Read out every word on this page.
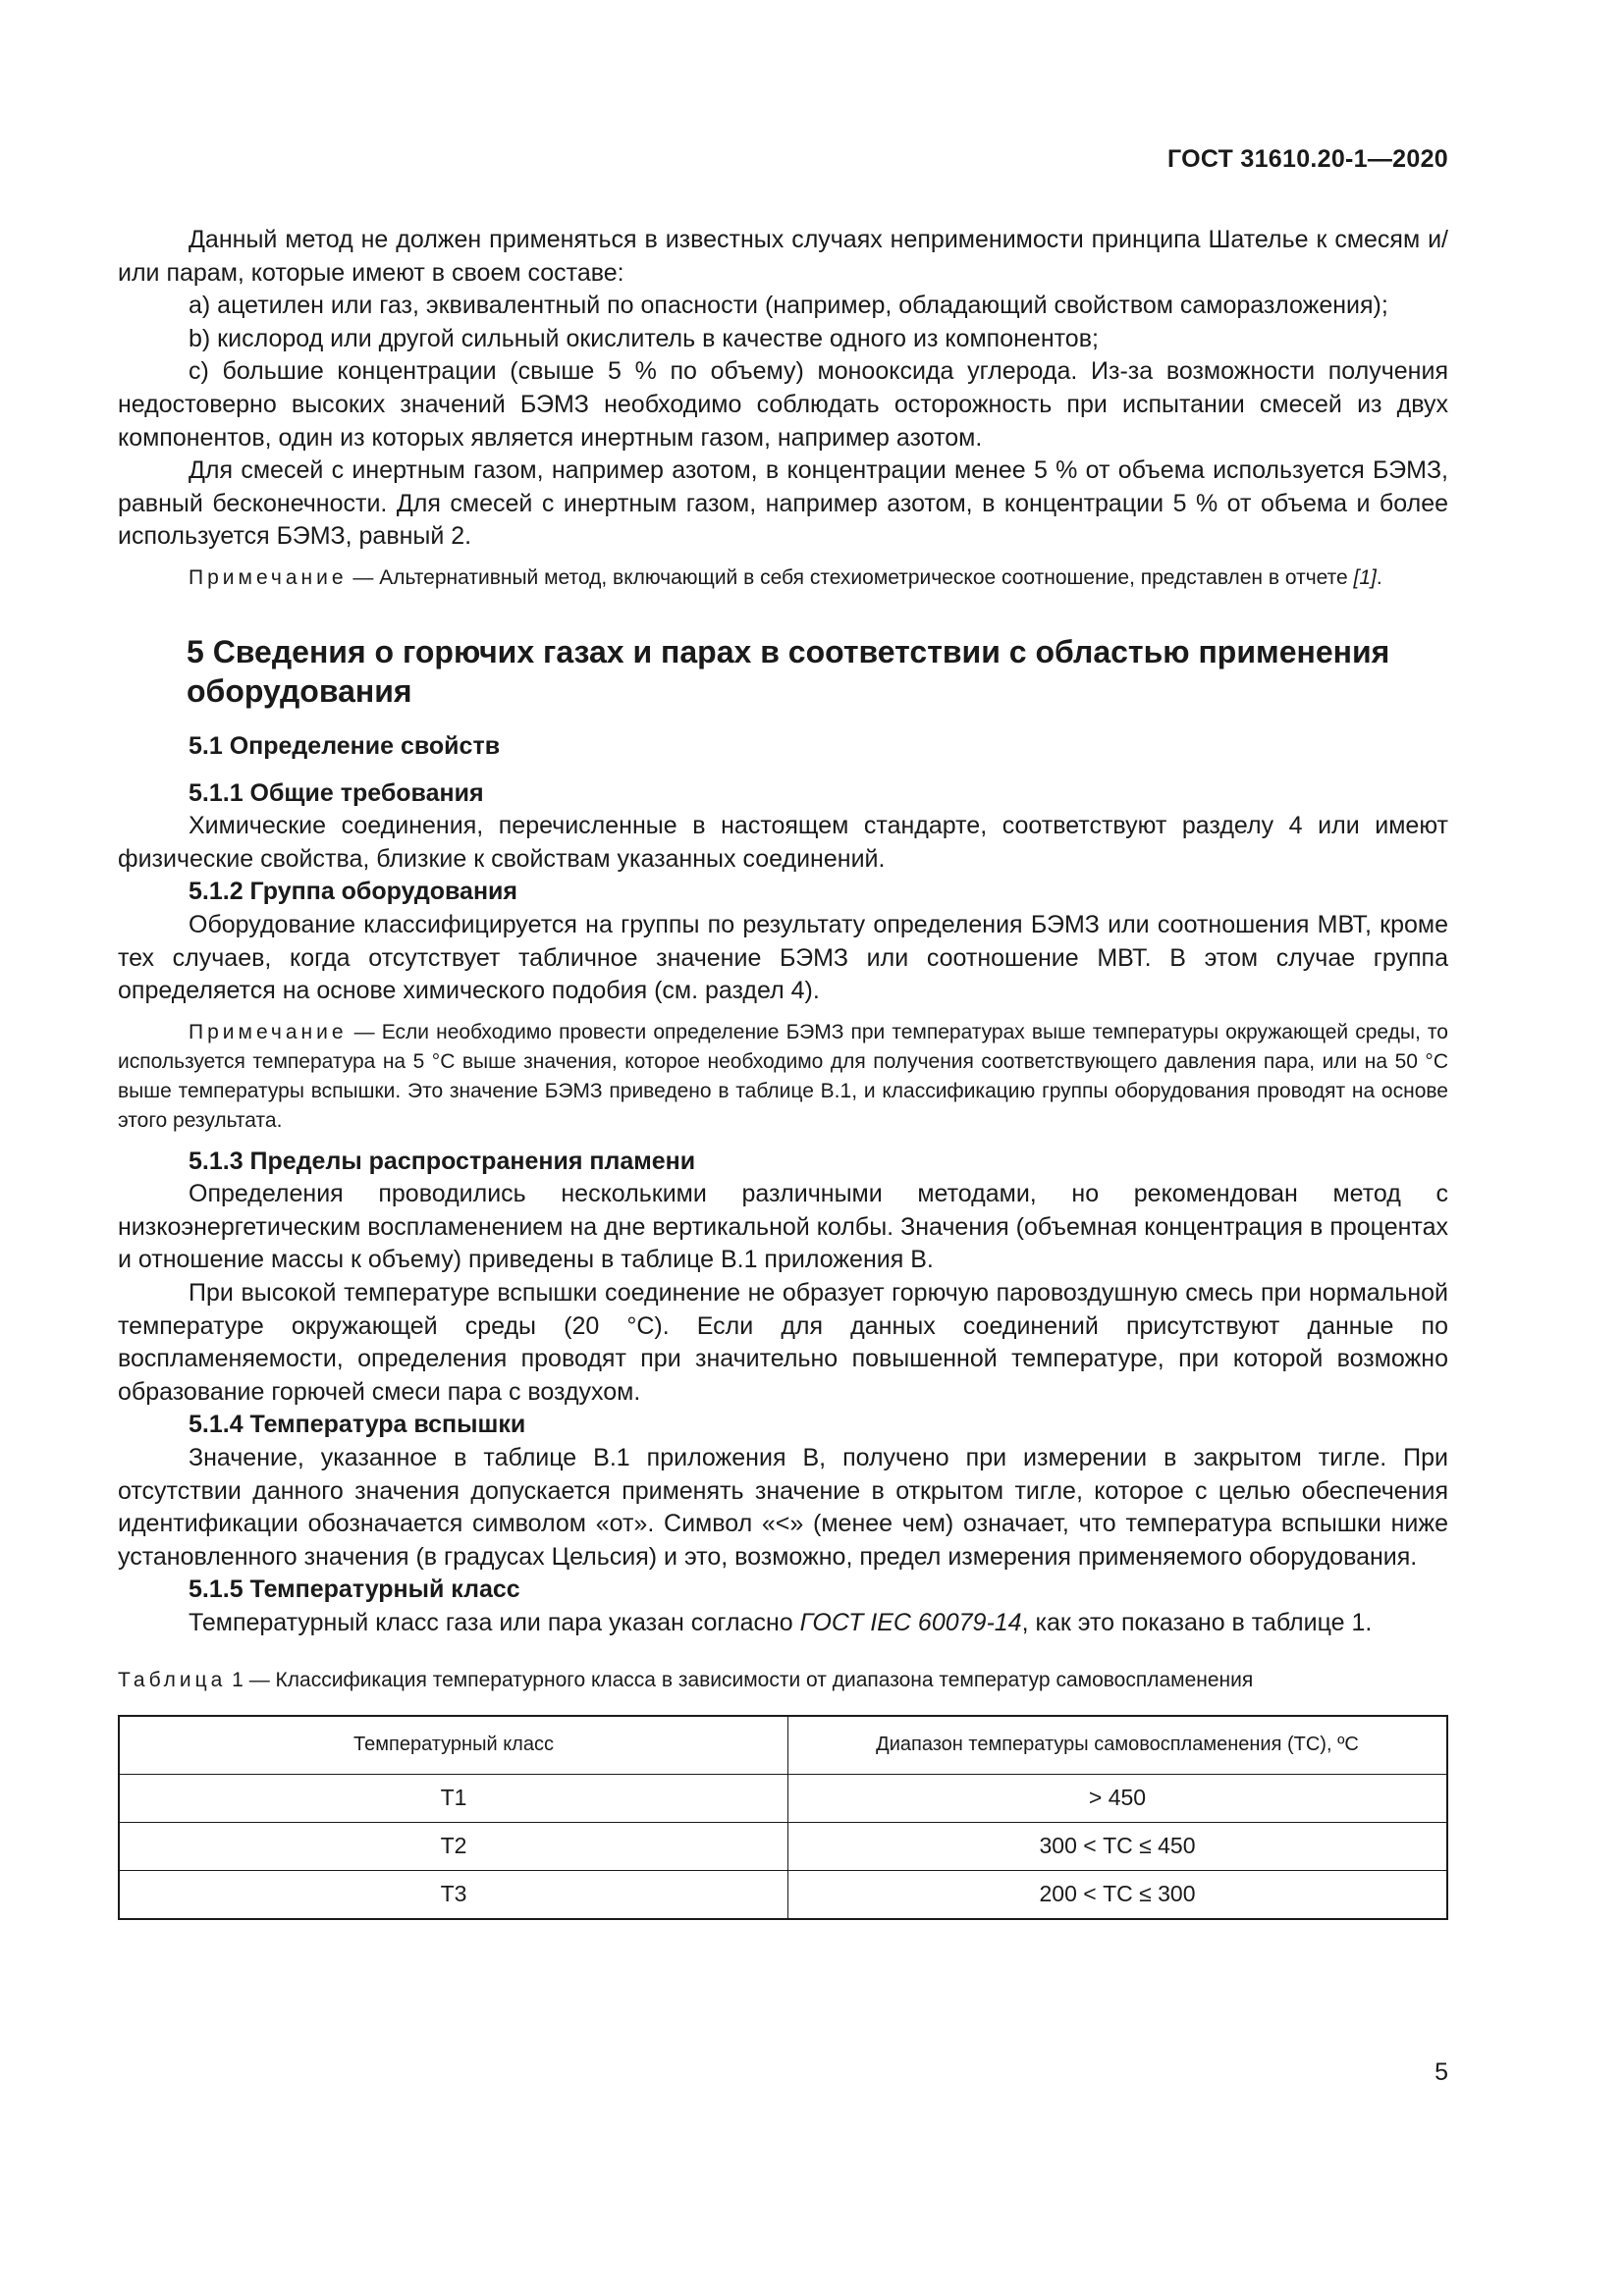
ГОСТ 31610.20-1—2020

Данный метод не должен применяться в известных случаях неприменимости принципа Шателье к смесям и/или парам, которые имеют в своем составе:

а) ацетилен или газ, эквивалентный по опасности (например, обладающий свойством саморазложения);

b) кислород или другой сильный окислитель в качестве одного из компонентов;

с) большие концентрации (свыше 5 % по объему) монооксида углерода. Из-за возможности получения недостоверно высоких значений БЭМЗ необходимо соблюдать осторожность при испытании смесей из двух компонентов, один из которых является инертным газом, например азотом.

Для смесей с инертным газом, например азотом, в концентрации менее 5 % от объема используется БЭМЗ, равный бесконечности. Для смесей с инертным газом, например азотом, в концентрации 5 % от объема и более используется БЭМЗ, равный 2.

Примечание — Альтернативный метод, включающий в себя стехиометрическое соотношение, представлен в отчете [1].

5 Сведения о горючих газах и парах в соответствии с областью применения оборудования
5.1 Определение свойств
5.1.1 Общие требования

Химические соединения, перечисленные в настоящем стандарте, соответствуют разделу 4 или имеют физические свойства, близкие к свойствам указанных соединений.

5.1.2 Группа оборудования

Оборудование классифицируется на группы по результату определения БЭМЗ или соотношения МВТ, кроме тех случаев, когда отсутствует табличное значение БЭМЗ или соотношение МВТ. В этом случае группа определяется на основе химического подобия (см. раздел 4).

Примечание — Если необходимо провести определение БЭМЗ при температурах выше температуры окружающей среды, то используется температура на 5 °С выше значения, которое необходимо для получения соответствующего давления пара, или на 50 °С выше температуры вспышки. Это значение БЭМЗ приведено в таблице В.1, и классификацию группы оборудования проводят на основе этого результата.

5.1.3 Пределы распространения пламени

Определения проводились несколькими различными методами, но рекомендован метод с низкоэнергетическим воспламенением на дне вертикальной колбы. Значения (объемная концентрация в процентах и отношение массы к объему) приведены в таблице В.1 приложения В.

При высокой температуре вспышки соединение не образует горючую паровоздушную смесь при нормальной температуре окружающей среды (20 °С). Если для данных соединений присутствуют данные по воспламеняемости, определения проводят при значительно повышенной температуре, при которой возможно образование горючей смеси пара с воздухом.

5.1.4 Температура вспышки

Значение, указанное в таблице В.1 приложения В, получено при измерении в закрытом тигле. При отсутствии данного значения допускается применять значение в открытом тигле, которое с целью обеспечения идентификации обозначается символом «от». Символ «<» (менее чем) означает, что температура вспышки ниже установленного значения (в градусах Цельсия) и это, возможно, предел измерения применяемого оборудования.

5.1.5 Температурный класс

Температурный класс газа или пара указан согласно ГОСТ IEC 60079-14, как это показано в таблице 1.

Таблица 1 — Классификация температурного класса в зависимости от диапазона температур самовоспламенения

Температурный класс	Диапазон температуры самовоспламенения (ТС), ºС
Т1	> 450
Т2	300 < ТС ≤ 450
Т3	200 < ТС ≤ 300
5
